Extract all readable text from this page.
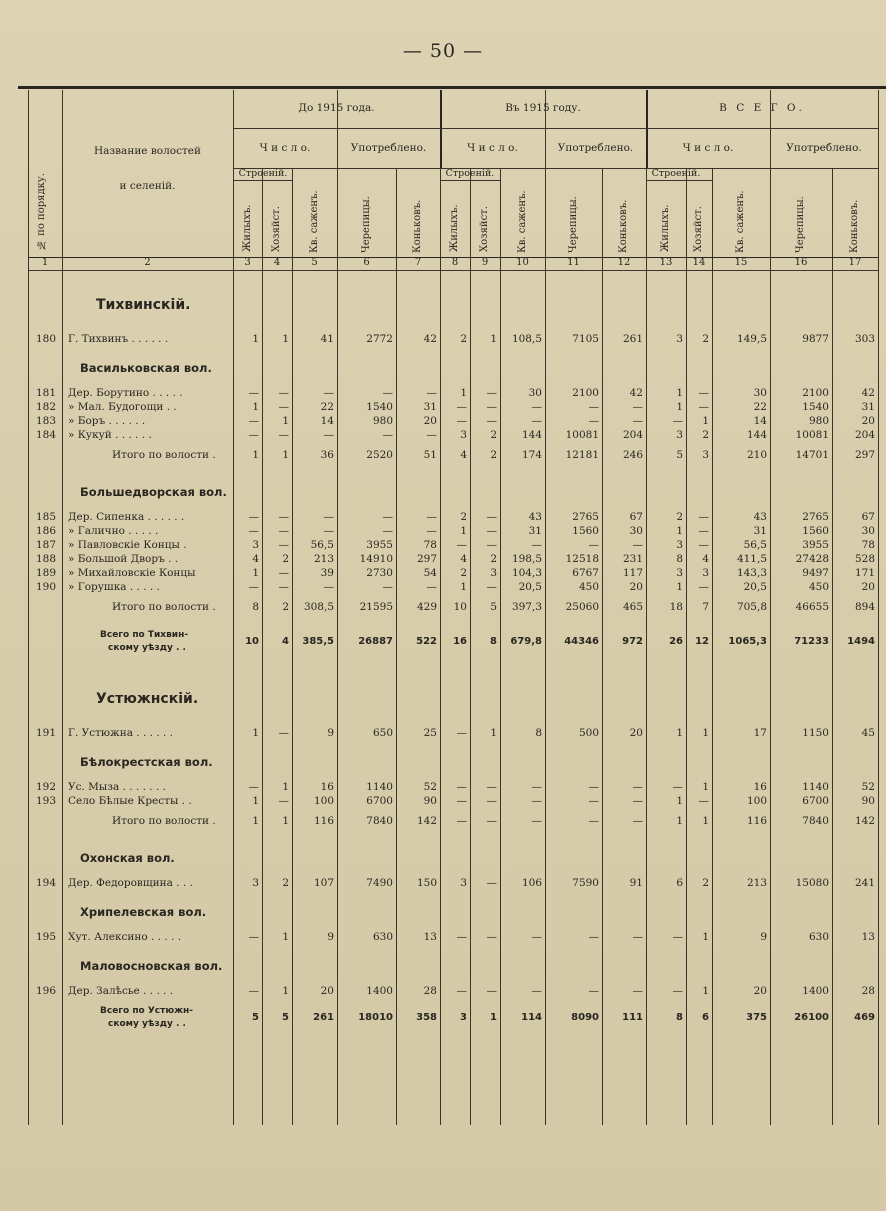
— 50 —
№ по порядку.
Название волостей
и селеній.
До 1915 года.	Въ 1915 году.	В С Е Г О.
Ч и с л о.	Ч и с л о.	Ч и с л о.
Употреблено.	Употреблено.	Употреблено.
Строеній.	Строеній.	Строеній.
Жилыхъ. Хозяйст.	Кв. саженъ.	Черепицы.	Коньковъ.	Жилыхъ. Хозяйст.	Кв. саженъ.	Черепицы.	Коньковъ.	Жилыхъ. Хозяйст.	Кв. саженъ.	Черепицы.	Коньковъ.
1	2	3	4	5	6	7	8	9	10	11	12	13	14	15	16	17
Тихвинскій.
180 Г. Тихвинъ . . . . . .	1	1	41	2772	42	2	1	108,5	7105	261	3	2	149,5	9877	303
Васильковская вол.
181 Дер. Борутино . . . . .	—	—	—	—	—	1	—	30	2100	42	1	—	30	2100	42
182 » Мал. Будогощи . .	1	—	22	1540	31	—	—	—	—	—	1	—	22	1540	31
183 » Боръ . . . . . .	—	1	14	980	20	—	—	—	—	—	—	1	14	980	20
184 » Кукуй . . . . . .	—	—	—	—	—	3	2	144	10081	204	3	2	144	10081	204
Итого по волости .	1	1	36	2520	51	4	2	174	12181	246	5	3	210	14701	297
Большедворская вол.
185 Дер. Сипенка . . . . . .	—	—	—	—	—	2	—	43	2765	67	2	—	43	2765	67
186 » Галично . . . . .	—	—	—	—	—	1	—	31	1560	30	1	—	31	1560	30
187 » Павловскіе Концы .	3	—	56,5	3955	78	—	—	—	—	—	3	—	56,5	3955	78
188 » Большой Дворъ . .	4	2	213	14910	297	4	2	198,5	12518	231	8	4	411,5	27428	528
189 » Михайловскіе Концы	1	—	39	2730	54	2	3	104,3	6767	117	3	3	143,3	9497	171
190 » Горушка . . . . .	—	—	—	—	—	1	—	20,5	450	20	1	—	20,5	450	20
Итого по волости .	8	2	308,5	21595	429	10	5	397,3	25060	465	18	7	705,8	46655	894
Всего по Тихвин-
скому уѣзду . .
10	4	385,5	26887	522	16	8	679,8	44346	972	26	12	1065,3	71233	1494
Устюжнскій.
191 Г. Устюжна . . . . . .	1	—	9	650	25	—	1	8	500	20	1	1	17	1150	45
Бѣлокрестская вол.
192 Ус. Мыза . . . . . . .	—	1	16	1140	52	—	—	—	—	—	—	1	16	1140	52
193 Село Бѣлые Кресты . .	1	—	100	6700	90	—	—	—	—	—	1	—	100	6700	90
Итого по волости .	1	1	116	7840	142	—	—	—	—	—	1	1	116	7840	142
Охонская вол.
194 Дер. Федоровщина . . .	3	2	107	7490	150	3	—	106	7590	91	6	2	213	15080	241
Хрипелевская вол.
195 Хут. Алексино . . . . .	—	1	9	630	13	—	—	—	—	—	—	1	9	630	13
Маловосновская вол.
196 Дер. Залѣсье . . . . .	—	1	20	1400	28	—	—	—	—	—	—	1	20	1400	28
Всего по Устюжн-
скому уѣзду . .
5	5	261	18010	358	3	1	114	8090	111	8	6	375	26100	469
